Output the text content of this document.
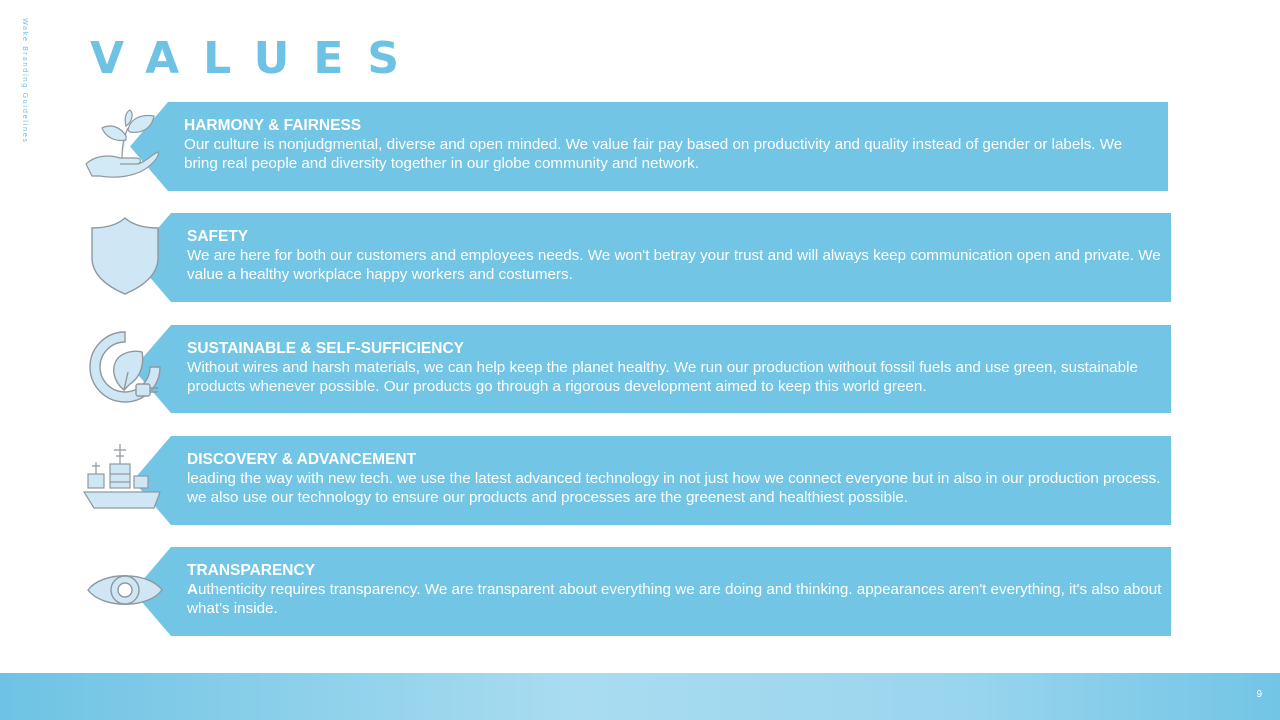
Wake Branding Guidelines VALUES
HARMONY & FAIRNESS
Our culture is nonjudgmental, diverse and open minded. We value fair pay based on productivity and quality instead of gender or labels. We bring real people and diversity together in our globe community and network.
SAFETY
We are here for both our customers and employees needs. We won't betray your trust and will always keep communication open and private. We value a healthy workplace happy workers and costumers.
SUSTAINABLE & SELF-SUFFICIENCY
Without wires and harsh materials, we can help keep the planet healthy. We run our production without fossil fuels and use green, sustainable products whenever possible. Our products go through a rigorous development aimed to keep this world green.
DISCOVERY & ADVANCEMENT
leading the way with new tech. we use the latest advanced technology in not just how we connect everyone but in also in our production process. we also use our technology to ensure our products and processes are the greenest and healthiest possible.
TRANSPARENCY
Authenticity requires transparency. We are transparent about everything we are doing and thinking. appearances aren't everything, it's also about what's inside.
9
